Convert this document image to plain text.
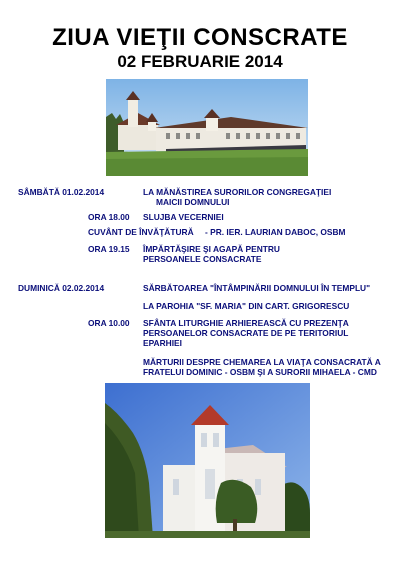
ZIUA VIEŢII CONSCRATE
02 FEBRUARIE 2014
SÂMBĂTĂ 01.02.2014	LA MĂNĂSTIREA SURORILOR CONGREGAŢIEI
MAICII DOMNULUI
ORA 18.00 SLUJBA VECERNIEI
CUVÂNT DE ÎNVĂŢĂTURĂ - PR. IER. LAURIAN DABOC, OSBM
ORA 19.15 ÎMPĂRTĂŞIRE ŞI AGAPĂ PENTRU
PERSOANELE CONSACRATE
DUMINICĂ 02.02.2014	SĂRBĂTOAREA "ÎNTÂMPINĂRII DOMNULUI ÎN TEMPLU"
LA PAROHIA "SF. MARIA" DIN CART. GRIGORESCU
ORA 10.00 SFÂNTA LITURGHIE ARHIEREASCĂ CU PREZENŢA
PERSOANELOR CONSACRATE DE PE TERITORIUL
EPARHIEI
MĂRTURII DESPRE CHEMAREA LA VIAŢA CONSACRATĂ A
FRATELUI DOMINIC - OSBM ŞI A SURORII MIHAELA - CMD
